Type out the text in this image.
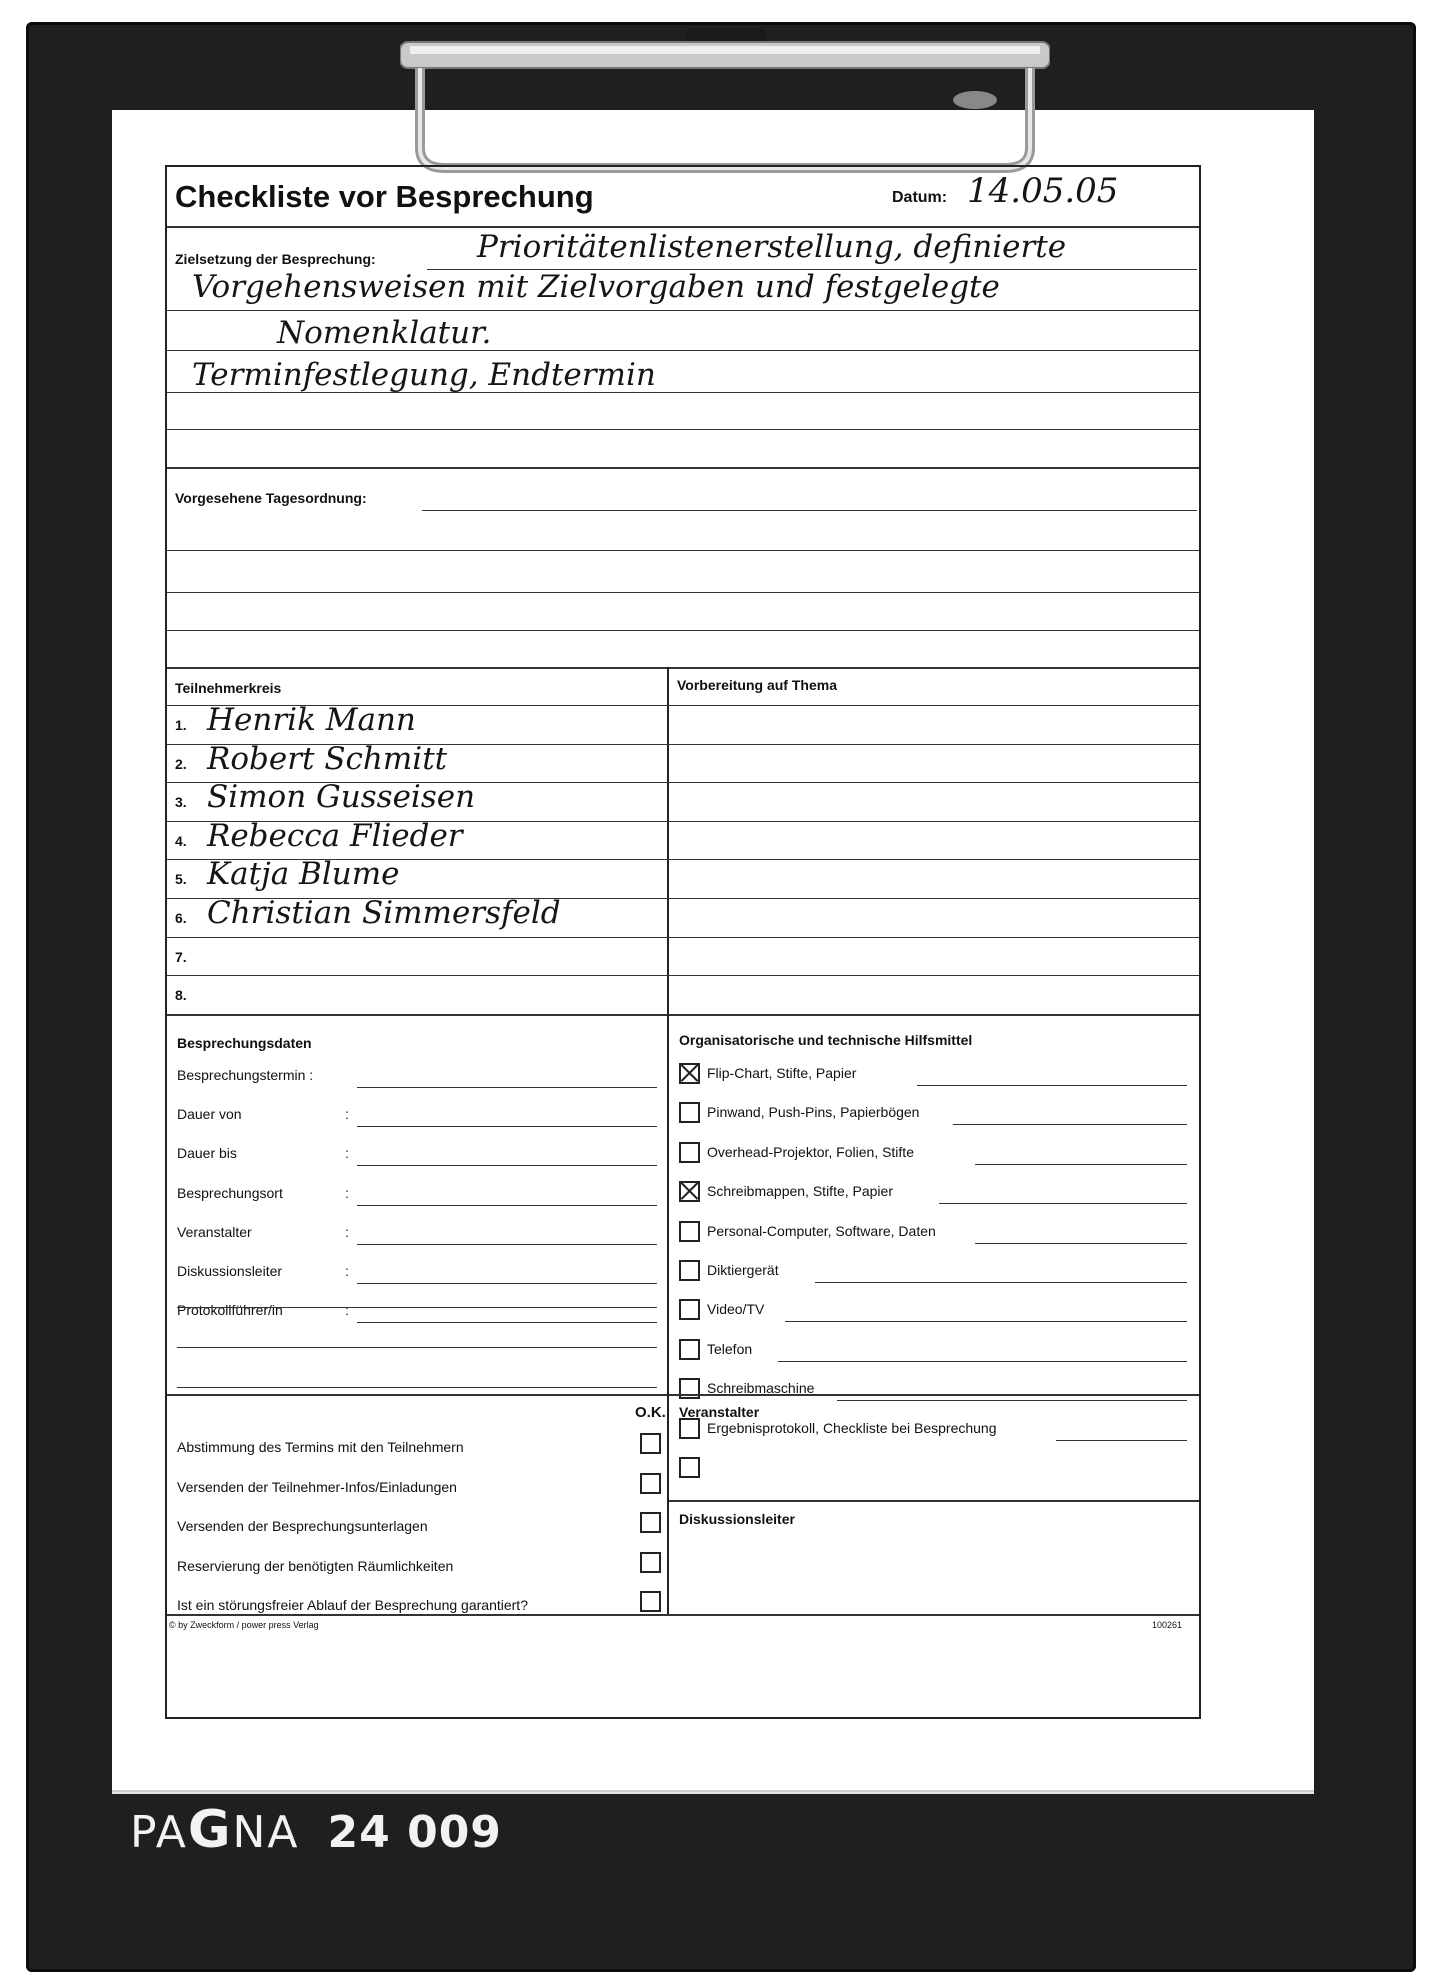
PAGNA 24 009
Checkliste vor Besprechung	Datum: 14.05.05
Zielsetzung der Besprechung:	Prioritätenlistenerstellung, definierte
Vorgehensweisen mit Zielvorgaben und festgelegte
Nomenklatur.
Terminfestlegung, Endtermin
Vorgesehene Tagesordnung:
Teilnehmerkreis	Vorbereitung auf Thema
1. Henrik Mann
2. Robert Schmitt
3. Simon Gusseisen
4. Rebecca Flieder
5. Katja Blume
6. Christian Simmersfeld
7.
8.
Besprechungsdaten	Organisatorische und technische Hilfsmittel
Besprechungstermin :
Dauer von	:
Dauer bis	:
Besprechungsort	:
Veranstalter	:
Diskussionsleiter	:
Protokollführer/in	:
Flip-Chart, Stifte, Papier
Pinwand, Push-Pins, Papierbögen
Overhead-Projektor, Folien, Stifte
Schreibmappen, Stifte, Papier
Personal-Computer, Software, Daten
Diktiergerät
Video/TV
Telefon
Schreibmaschine
Ergebnisprotokoll, Checkliste bei Besprechung
O.K. Veranstalter
Diskussionsleiter
Abstimmung des Termins mit den Teilnehmern
Versenden der Teilnehmer-Infos/Einladungen
Versenden der Besprechungsunterlagen
Reservierung der benötigten Räumlichkeiten
Ist ein störungsfreier Ablauf der Besprechung garantiert?
© by Zweckform / power press Verlag	100261
